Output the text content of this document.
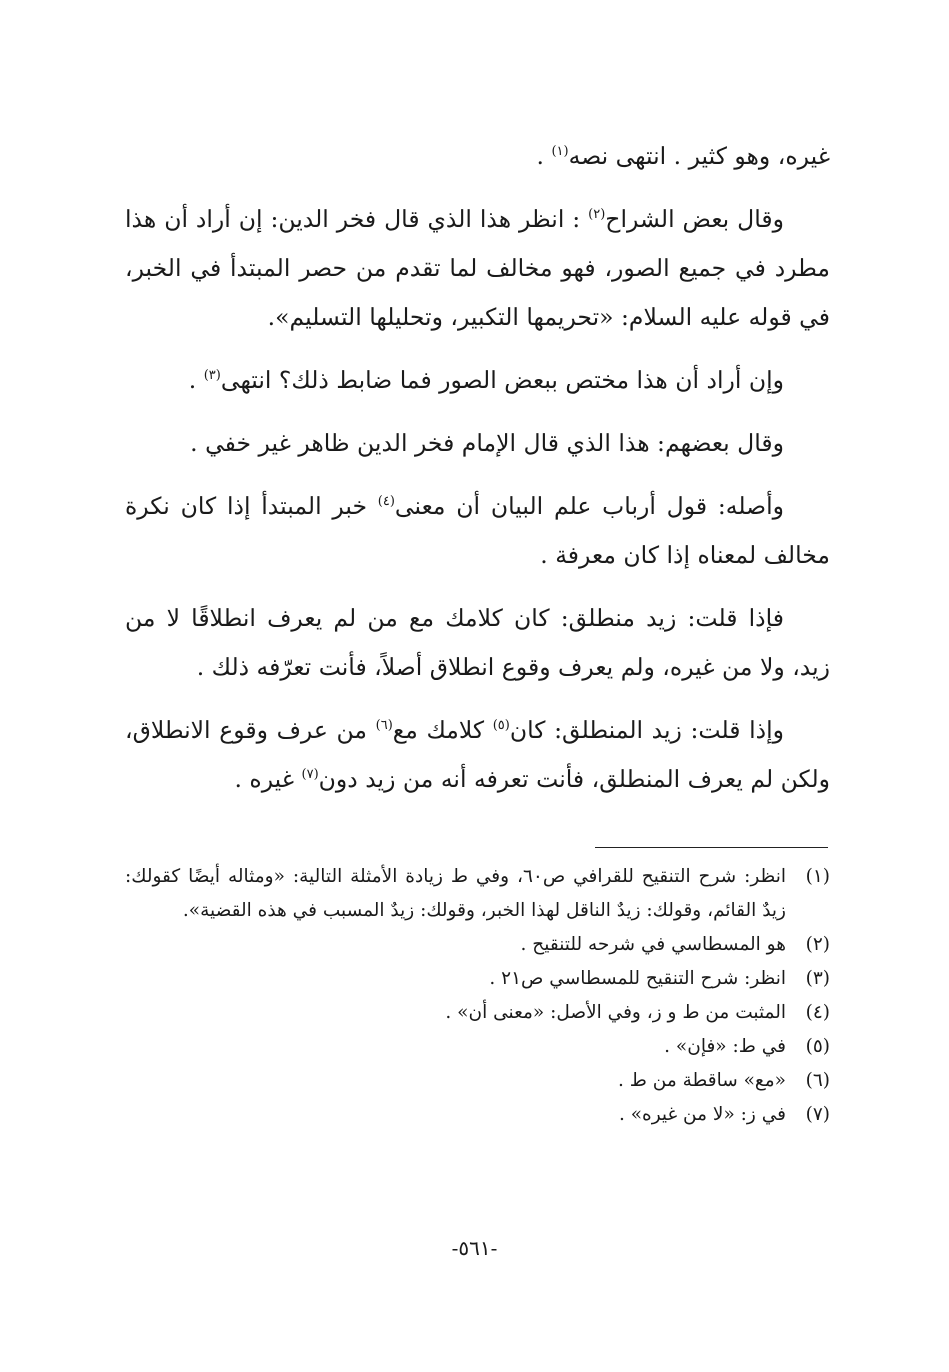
غيره، وهو كثير . انتهى نصه$^{(١)}$ .

وقال بعض الشراح$^{(٢)}$ : انظر هذا الذي قال فخر الدين: إن أراد أن هذا مطرد في جميع الصور، فهو مخالف لما تقدم من حصر المبتدأ في الخبر، في قوله عليه السلام: «تحريمها التكبير، وتحليلها التسليم».

وإن أراد أن هذا مختص ببعض الصور فما ضابط ذلك؟ انتهى$^{(٣)}$ .

وقال بعضهم: هذا الذي قال الإمام فخر الدين ظاهر غير خفي .

وأصله: قول أرباب علم البيان أن معنى$^{(٤)}$ خبر المبتدأ إذا كان نكرة مخالف لمعناه إذا كان معرفة .

فإذا قلت: زيد منطلق: كان كلامك مع من لم يعرف انطلاقًا لا من زيد، ولا من غيره، ولم يعرف وقوع انطلاق أصلاً، فأنت تعرّفه ذلك .

وإذا قلت: زيد المنطلق: كان$^{(٥)}$ كلامك مع$^{(٦)}$ من عرف وقوع الانطلاق، ولكن لم يعرف المنطلق، فأنت تعرفه أنه من زيد دون$^{(٧)}$ غيره .

(١)
انظر: شرح التنقيح للقرافي ص٦٠، وفي ط زيادة الأمثلة التالية: «ومثاله أيضًا كقولك: زيدٌ القائم، وقولك: زيدٌ الناقل لهذا الخبر، وقولك: زيدٌ المسبب في هذه القضية».
(٢)
هو المسطاسي في شرحه للتنقيح .
(٣)
انظر: شرح التنقيح للمسطاسي ص٢١ .
(٤)
المثبت من ط و ز، وفي الأصل: «معنى أن» .
(٥)
في ط: «فإن» .
(٦)
«مع» ساقطة من ط .
(٧)
في ز: «لا من غيره» .
-٥٦١-
